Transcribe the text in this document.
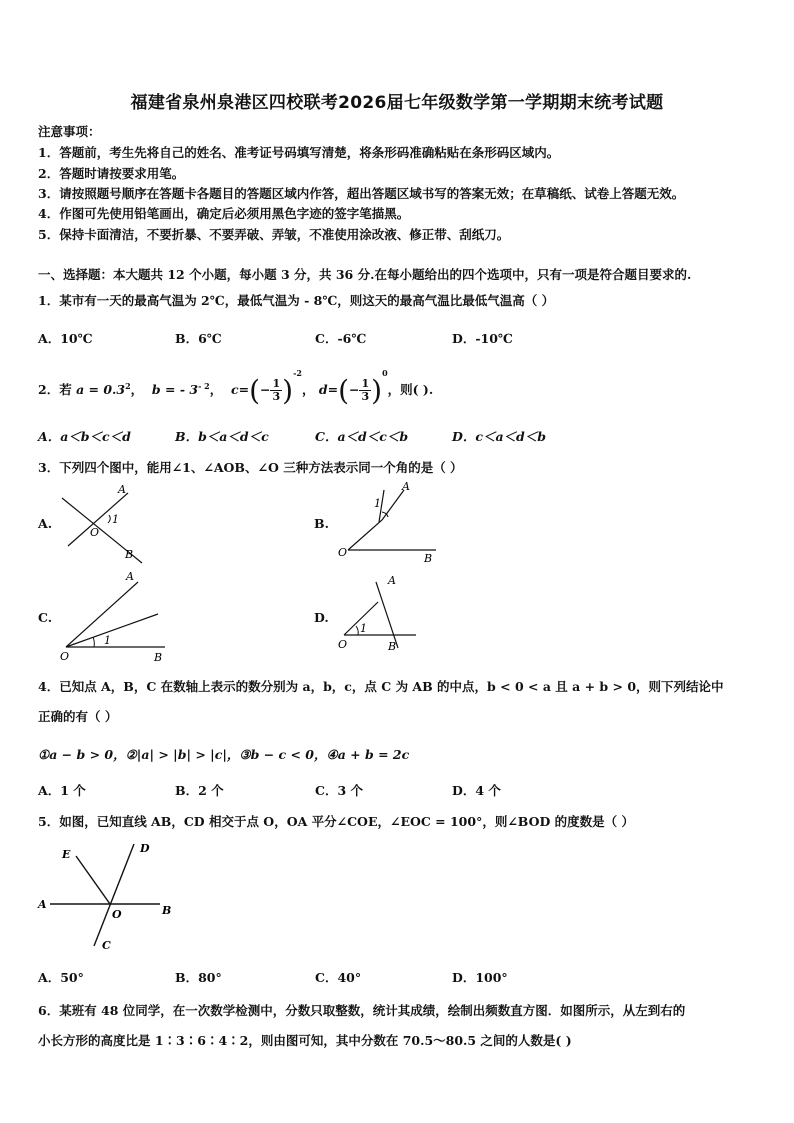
福建省泉州泉港区四校联考2026届七年级数学第一学期期末统考试题
注意事项：
1．答题前，考生先将自己的姓名、准考证号码填写清楚，将条形码准确粘贴在条形码区域内。
2．答题时请按要求用笔。
3．请按照题号顺序在答题卡各题目的答题区域内作答，超出答题区域书写的答案无效；在草稿纸、试卷上答题无效。
4．作图可先使用铅笔画出，确定后必须用黑色字迹的签字笔描黑。
5．保持卡面清洁，不要折暴、不要弄破、弄皱，不准使用涂改液、修正带、刮纸刀。
一、选择题：本大题共 12 个小题，每小题 3 分，共 36 分.在每小题给出的四个选项中，只有一项是符合题目要求的.
1．某市有一天的最高气温为 2℃，最低气温为 - 8℃，则这天的最高气温比最低气温高（ ）
A．10℃	B．6℃	C．-6℃	D．-10℃
2．若 $a = 0.3^2$， b = - $3^{- 2}$， $c=(- \frac{1}{3} )^{-2}$， $d=(- \frac{1}{3} )^0$，则( ).
A．a＜b＜c＜d	B．b＜a＜d＜c	C．a＜d＜c＜b	D．c＜a＜d＜b
3．下列四个图中，能用∠1、∠AOB、∠O 三种方法表示同一个角的是（ ）
A.
A
1
O
B
B.
A
1
O	B
C.
A
1
O	B
D.
A
1
O	B
4．已知点 A，B，C 在数轴上表示的数分别为 a，b，c，点 C 为 AB 的中点，b < 0 < a 且 a + b > 0，则下列结论中
正确的有（ ）
①a − b > 0，②|a| > |b| > |c|，③b − c < 0，④a + b = 2c
A．1 个	B．2 个	C．3 个	D．4 个
5．如图，已知直线 AB，CD 相交于点 O，OA 平分∠COE，∠EOC = 100°，则∠BOD 的度数是（ ）
A	B
C
D
E
O
A．50°	B．80°	C．40°	D．100°
6．某班有 48 位同学，在一次数学检测中，分数只取整数，统计其成绩，绘制出频数直方图．如图所示，从左到右的
小长方形的高度比是 1∶3∶6∶4∶2，则由图可知，其中分数在 70.5～80.5 之间的人数是( )
